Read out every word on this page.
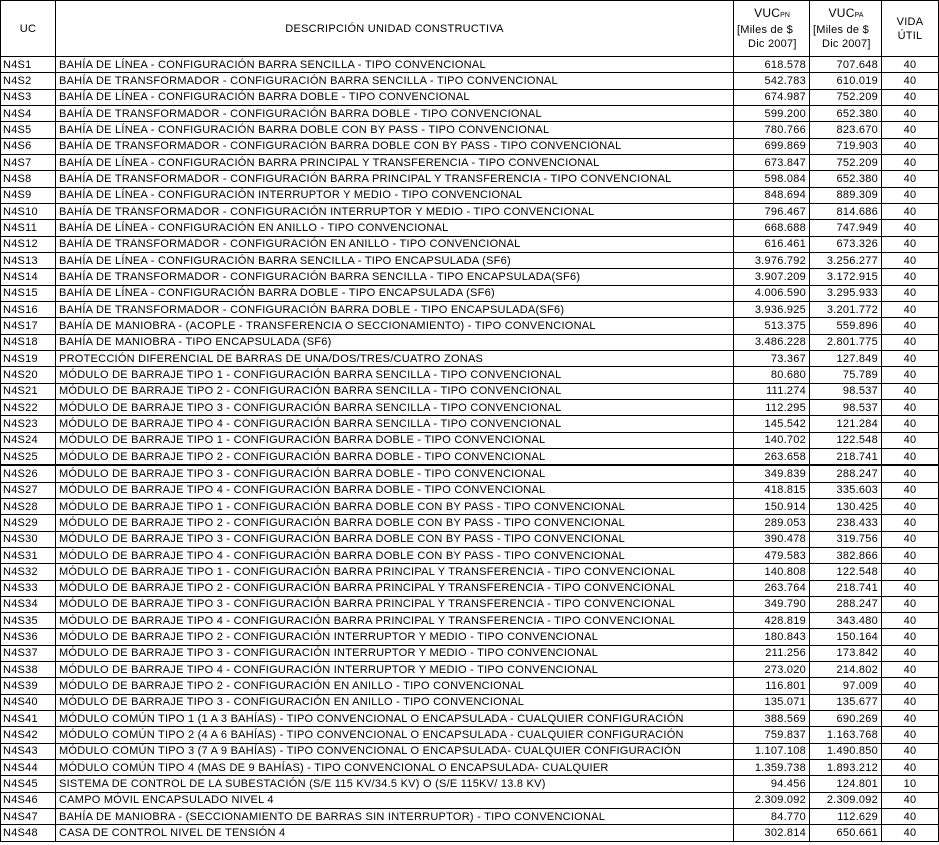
UC	DESCRIPCIÓN UNIDAD CONSTRUCTIVA	VUCPN
[Miles de $
Dic 2007]	VUCPA
[Miles de $
Dic 2007]	VIDA
ÚTIL
N4S1	BAHÍA DE LÍNEA - CONFIGURACIÓN BARRA SENCILLA - TIPO CONVENCIONAL	618.578	707.648	40
N4S2	BAHÍA DE TRANSFORMADOR - CONFIGURACIÓN BARRA SENCILLA - TIPO CONVENCIONAL	542.783	610.019	40
N4S3	BAHÍA DE LÍNEA - CONFIGURACIÓN BARRA DOBLE - TIPO CONVENCIONAL	674.987	752.209	40
N4S4	BAHÍA DE TRANSFORMADOR - CONFIGURACIÓN BARRA DOBLE - TIPO CONVENCIONAL	599.200	652.380	40
N4S5	BAHÍA DE LÍNEA - CONFIGURACIÓN BARRA DOBLE CON BY PASS - TIPO CONVENCIONAL	780.766	823.670	40
N4S6	BAHÍA DE TRANSFORMADOR - CONFIGURACIÓN BARRA DOBLE CON BY PASS - TIPO CONVENCIONAL	699.869	719.903	40
N4S7	BAHÍA DE LÍNEA - CONFIGURACIÓN BARRA PRINCIPAL Y TRANSFERENCIA - TIPO CONVENCIONAL	673.847	752.209	40
N4S8	BAHÍA DE TRANSFORMADOR - CONFIGURACIÓN BARRA PRINCIPAL Y TRANSFERENCIA - TIPO CONVENCIONAL	598.084	652.380	40
N4S9	BAHÍA DE LÍNEA - CONFIGURACIÓN INTERRUPTOR Y MEDIO - TIPO CONVENCIONAL	848.694	889.309	40
N4S10	BAHÍA DE TRANSFORMADOR - CONFIGURACIÓN INTERRUPTOR Y MEDIO - TIPO CONVENCIONAL	796.467	814.686	40
N4S11	BAHÍA DE LÍNEA - CONFIGURACIÓN EN ANILLO - TIPO CONVENCIONAL	668.688	747.949	40
N4S12	BAHÍA DE TRANSFORMADOR - CONFIGURACIÓN EN ANILLO - TIPO CONVENCIONAL	616.461	673.326	40
N4S13	BAHÍA DE LÍNEA - CONFIGURACIÓN BARRA SENCILLA - TIPO ENCAPSULADA (SF6)	3.976.792	3.256.277	40
N4S14	BAHÍA DE TRANSFORMADOR - CONFIGURACIÓN BARRA SENCILLA - TIPO ENCAPSULADA(SF6)	3.907.209	3.172.915	40
N4S15	BAHÍA DE LÍNEA - CONFIGURACIÓN BARRA DOBLE - TIPO ENCAPSULADA (SF6)	4.006.590	3.295.933	40
N4S16	BAHÍA DE TRANSFORMADOR - CONFIGURACIÓN BARRA DOBLE - TIPO ENCAPSULADA(SF6)	3.936.925	3.201.772	40
N4S17	BAHÍA DE MANIOBRA - (ACOPLE - TRANSFERENCIA O SECCIONAMIENTO) - TIPO CONVENCIONAL	513.375	559.896	40
N4S18	BAHÍA DE MANIOBRA - TIPO ENCAPSULADA (SF6)	3.486.228	2.801.775	40
N4S19	PROTECCIÓN DIFERENCIAL DE BARRAS DE UNA/DOS/TRES/CUATRO ZONAS	73.367	127.849	40
N4S20	MÓDULO DE BARRAJE TIPO 1 - CONFIGURACIÓN BARRA SENCILLA - TIPO CONVENCIONAL	80.680	75.789	40
N4S21	MÓDULO DE BARRAJE TIPO 2 - CONFIGURACIÓN BARRA SENCILLA - TIPO CONVENCIONAL	111.274	98.537	40
N4S22	MÓDULO DE BARRAJE TIPO 3 - CONFIGURACIÓN BARRA SENCILLA - TIPO CONVENCIONAL	112.295	98.537	40
N4S23	MÓDULO DE BARRAJE TIPO 4 - CONFIGURACIÓN BARRA SENCILLA - TIPO CONVENCIONAL	145.542	121.284	40
N4S24	MÓDULO DE BARRAJE TIPO 1 - CONFIGURACIÓN BARRA DOBLE - TIPO CONVENCIONAL	140.702	122.548	40
N4S25	MÓDULO DE BARRAJE TIPO 2 - CONFIGURACIÓN BARRA DOBLE - TIPO CONVENCIONAL	263.658	218.741	40
N4S26	MÓDULO DE BARRAJE TIPO 3 - CONFIGURACIÓN BARRA DOBLE - TIPO CONVENCIONAL	349.839	288.247	40
N4S27	MÓDULO DE BARRAJE TIPO 4 - CONFIGURACIÓN BARRA DOBLE - TIPO CONVENCIONAL	418.815	335.603	40
N4S28	MÓDULO DE BARRAJE TIPO 1 - CONFIGURACIÓN BARRA DOBLE CON BY PASS - TIPO CONVENCIONAL	150.914	130.425	40
N4S29	MÓDULO DE BARRAJE TIPO 2 - CONFIGURACIÓN BARRA DOBLE CON BY PASS - TIPO CONVENCIONAL	289.053	238.433	40
N4S30	MÓDULO DE BARRAJE TIPO 3 - CONFIGURACIÓN BARRA DOBLE CON BY PASS - TIPO CONVENCIONAL	390.478	319.756	40
N4S31	MÓDULO DE BARRAJE TIPO 4 - CONFIGURACIÓN BARRA DOBLE CON BY PASS - TIPO CONVENCIONAL	479.583	382.866	40
N4S32	MÓDULO DE BARRAJE TIPO 1 - CONFIGURACIÓN BARRA PRINCIPAL Y TRANSFERENCIA - TIPO CONVENCIONAL	140.808	122.548	40
N4S33	MÓDULO DE BARRAJE TIPO 2 - CONFIGURACIÓN BARRA PRINCIPAL Y TRANSFERENCIA - TIPO CONVENCIONAL	263.764	218.741	40
N4S34	MÓDULO DE BARRAJE TIPO 3 - CONFIGURACIÓN BARRA PRINCIPAL Y TRANSFERENCIA - TIPO CONVENCIONAL	349.790	288.247	40
N4S35	MÓDULO DE BARRAJE TIPO 4 - CONFIGURACIÓN BARRA PRINCIPAL Y TRANSFERENCIA - TIPO CONVENCIONAL	428.819	343.480	40
N4S36	MÓDULO DE BARRAJE TIPO 2 - CONFIGURACIÓN INTERRUPTOR Y MEDIO - TIPO CONVENCIONAL	180.843	150.164	40
N4S37	MÓDULO DE BARRAJE TIPO 3 - CONFIGURACIÓN INTERRUPTOR Y MEDIO - TIPO CONVENCIONAL	211.256	173.842	40
N4S38	MÓDULO DE BARRAJE TIPO 4 - CONFIGURACIÓN INTERRUPTOR Y MEDIO - TIPO CONVENCIONAL	273.020	214.802	40
N4S39	MÓDULO DE BARRAJE TIPO 2 - CONFIGURACIÓN EN ANILLO - TIPO CONVENCIONAL	116.801	97.009	40
N4S40	MÓDULO DE BARRAJE TIPO 3 - CONFIGURACIÓN EN ANILLO - TIPO CONVENCIONAL	135.071	135.677	40
N4S41	MÓDULO COMÚN TIPO 1 (1 A 3 BAHÍAS) - TIPO CONVENCIONAL O ENCAPSULADA - CUALQUIER CONFIGURACIÓN	388.569	690.269	40
N4S42	MÓDULO COMÚN TIPO 2 (4 A 6 BAHÍAS) - TIPO CONVENCIONAL O ENCAPSULADA - CUALQUIER CONFIGURACIÓN	759.837	1.163.768	40
N4S43	MÓDULO COMÚN TIPO 3 (7 A 9 BAHÍAS) - TIPO CONVENCIONAL O ENCAPSULADA- CUALQUIER CONFIGURACIÓN	1.107.108	1.490.850	40
N4S44	MÓDULO COMÚN TIPO 4 (MAS DE 9 BAHÍAS) - TIPO CONVENCIONAL O ENCAPSULADA- CUALQUIER	1.359.738	1.893.212	40
N4S45	SISTEMA DE CONTROL DE LA SUBESTACIÓN (S/E 115 KV/34.5 KV) O (S/E 115KV/ 13.8 KV)	94.456	124.801	10
N4S46	CAMPO MÓVIL ENCAPSULADO NIVEL 4	2.309.092	2.309.092	40
N4S47	BAHÍA DE MANIOBRA - (SECCIONAMIENTO DE BARRAS SIN INTERRUPTOR) - TIPO CONVENCIONAL	84.770	112.629	40
N4S48	CASA DE CONTROL NIVEL DE TENSIÓN 4	302.814	650.661	40
